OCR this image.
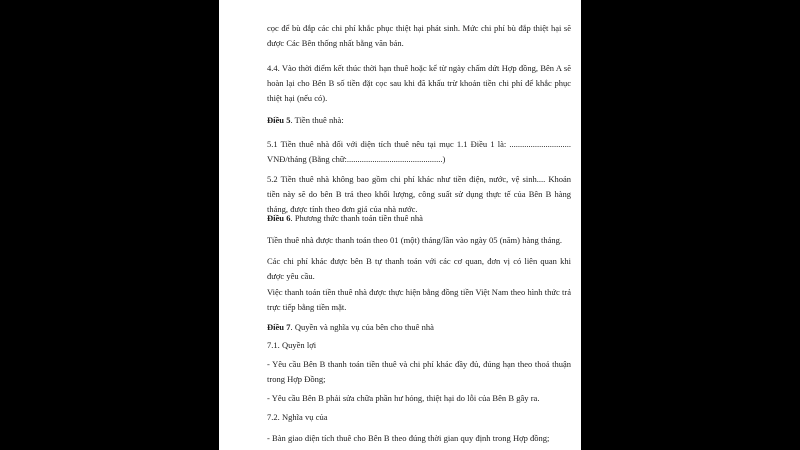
cọc để bù đắp các chi phí khắc phục thiệt hại phát sinh. Mức chi phí bù đắp thiệt hại sẽ được Các Bên thống nhất bằng văn bản.

4.4. Vào thời điểm kết thúc thời hạn thuê hoặc kể từ ngày chấm dứt Hợp đồng, Bên A sẽ hoàn lại cho Bên B số tiền đặt cọc sau khi đã khấu trừ khoản tiền chi phí để khắc phục thiệt hại (nếu có).

Điều 5. Tiền thuê nhà:

5.1 Tiền thuê nhà đối với diện tích thuê nêu tại mục 1.1 Điều 1 là: ............................. VNĐ/tháng (Bằng chữ:.............................................)

5.2 Tiền thuê nhà không bao gồm chi phí khác như tiền điện, nước, vệ sinh.... Khoản tiền này sẽ do bên B trả theo khối lượng, công suất sử dụng thực tế của Bên B hàng tháng, được tính theo đơn giá của nhà nước.

Điều 6. Phương thức thanh toán tiền thuê nhà

Tiền thuê nhà được thanh toán theo 01 (một) tháng/lần vào ngày 05 (năm) hàng tháng.

Các chi phí khác được bên B tự thanh toán với các cơ quan, đơn vị có liên quan khi được yêu cầu.

Việc thanh toán tiền thuê nhà được thực hiện bằng đồng tiền Việt Nam theo hình thức trả trực tiếp bằng tiền mặt.

Điều 7. Quyền và nghĩa vụ của bên cho thuê nhà

7.1. Quyền lợi

- Yêu cầu Bên B thanh toán tiền thuê và chi phí khác đầy đủ, đúng hạn theo thoả thuận trong Hợp Đồng;

- Yêu cầu Bên B phải sửa chữa phần hư hỏng, thiệt hại do lỗi của Bên B gây ra.

7.2. Nghĩa vụ của

- Bàn giao diện tích thuê cho Bên B theo đúng thời gian quy định trong Hợp đồng;
